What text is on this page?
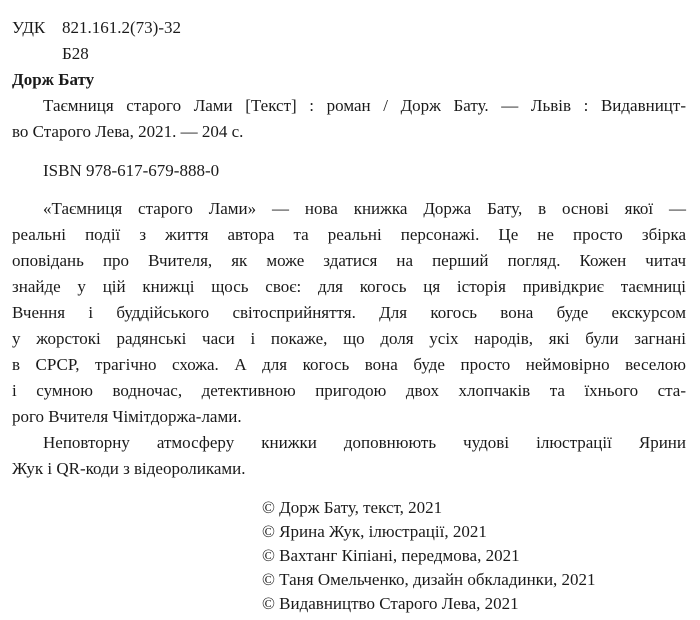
УДК 821.161.2(73)-32
Б28
Дорж Бату
Таємниця старого Лами [Текст] : роман / Дорж Бату. — Львів : Видавницт-
во Старого Лева, 2021. — 204 с.
ISBN 978-617-679-888-0
«Таємниця старого Лами» — нова книжка Доржа Бату, в основі якої —
реальні події з життя автора та реальні персонажі. Це не просто збірка
оповідань про Вчителя, як може здатися на перший погляд. Кожен читач
знайде у цій книжці щось своє: для когось ця історія привідкриє таємниці
Вчення і буддійського світосприйняття. Для когось вона буде екскурсом
у жорстокі радянські часи і покаже, що доля усіх народів, які були загнані
в СРСР, трагічно схожа. А для когось вона буде просто неймовірно веселою
і сумною водночас, детективною пригодою двох хлопчаків та їхнього ста-
рого Вчителя Чімітдоржа-лами.
Неповторну атмосферу книжки доповнюють чудові ілюстрації Ярини
Жук і QR-коди з відеороликами.
© Дорж Бату, текст, 2021
© Ярина Жук, ілюстрації, 2021
© Вахтанг Кіпіані, передмова, 2021
© Таня Омельченко, дизайн обкладинки, 2021
© Видавництво Старого Лева, 2021
